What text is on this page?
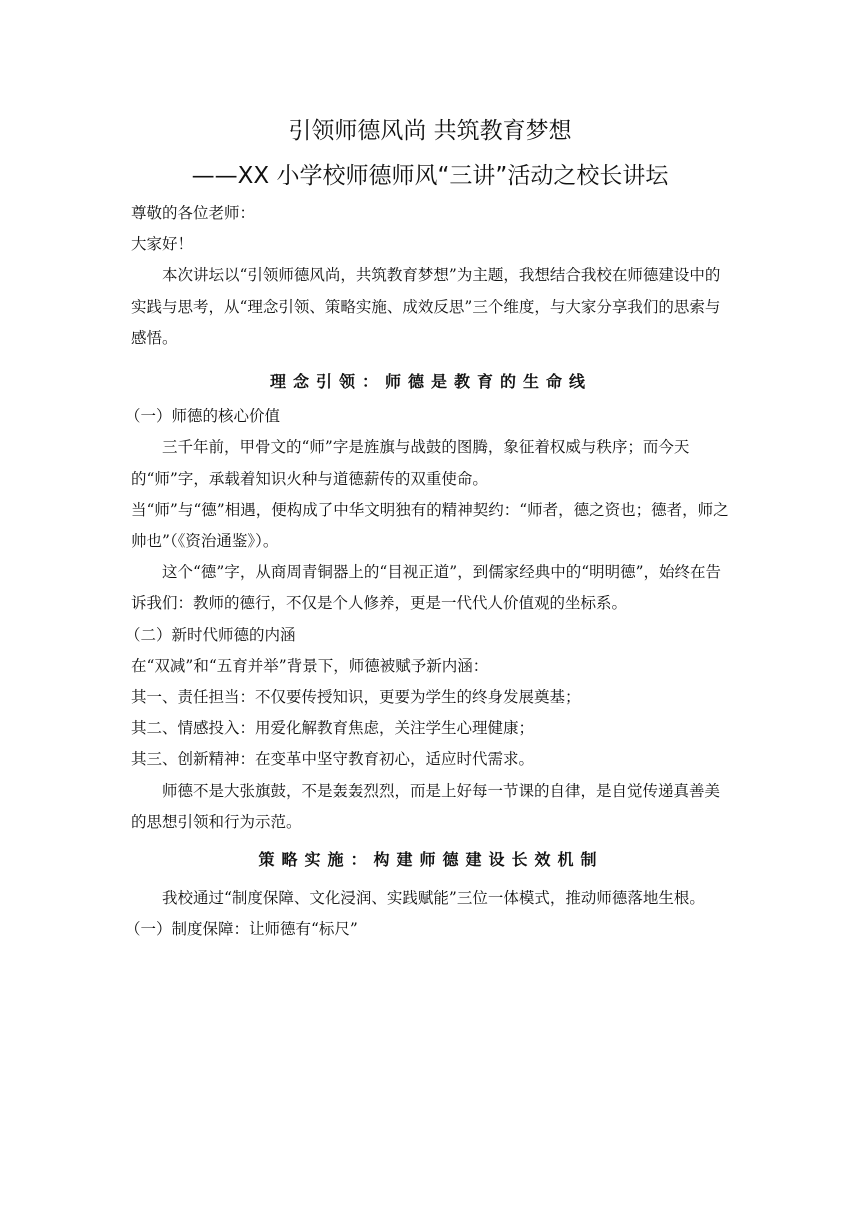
引领师德风尚 共筑教育梦想
——XX 小学校师德师风“三讲”活动之校长讲坛

尊敬的各位老师：

大家好！

本次讲坛以“引领师德风尚，共筑教育梦想”为主题，我想结合我校在师德建设中的实践与思考，从“理念引领、策略实施、成效反思”三个维度，与大家分享我们的思索与感悟。

理念引领：师德是教育的生命线

（一）师德的核心价值

三千年前，甲骨文的“师”字是旌旗与战鼓的图腾，象征着权威与秩序；而今天的“师”字，承载着知识火种与道德薪传的双重使命。

当“师”与“德”相遇，便构成了中华文明独有的精神契约：“师者，德之资也；德者，师之帅也”（《资治通鉴》）。

这个“德”字，从商周青铜器上的“目视正道”，到儒家经典中的“明明德”，始终在告诉我们：教师的德行，不仅是个人修养，更是一代代人价值观的坐标系。

（二）新时代师德的内涵

在“双减”和“五育并举”背景下，师德被赋予新内涵：

其一、责任担当：不仅要传授知识，更要为学生的终身发展奠基；

其二、情感投入：用爱化解教育焦虑，关注学生心理健康；

其三、创新精神：在变革中坚守教育初心，适应时代需求。

师德不是大张旗鼓，不是轰轰烈烈，而是上好每一节课的自律，是自觉传递真善美的思想引领和行为示范。

策略实施：构建师德建设长效机制

我校通过“制度保障、文化浸润、实践赋能”三位一体模式，推动师德落地生根。

（一）制度保障：让师德有“标尺”
